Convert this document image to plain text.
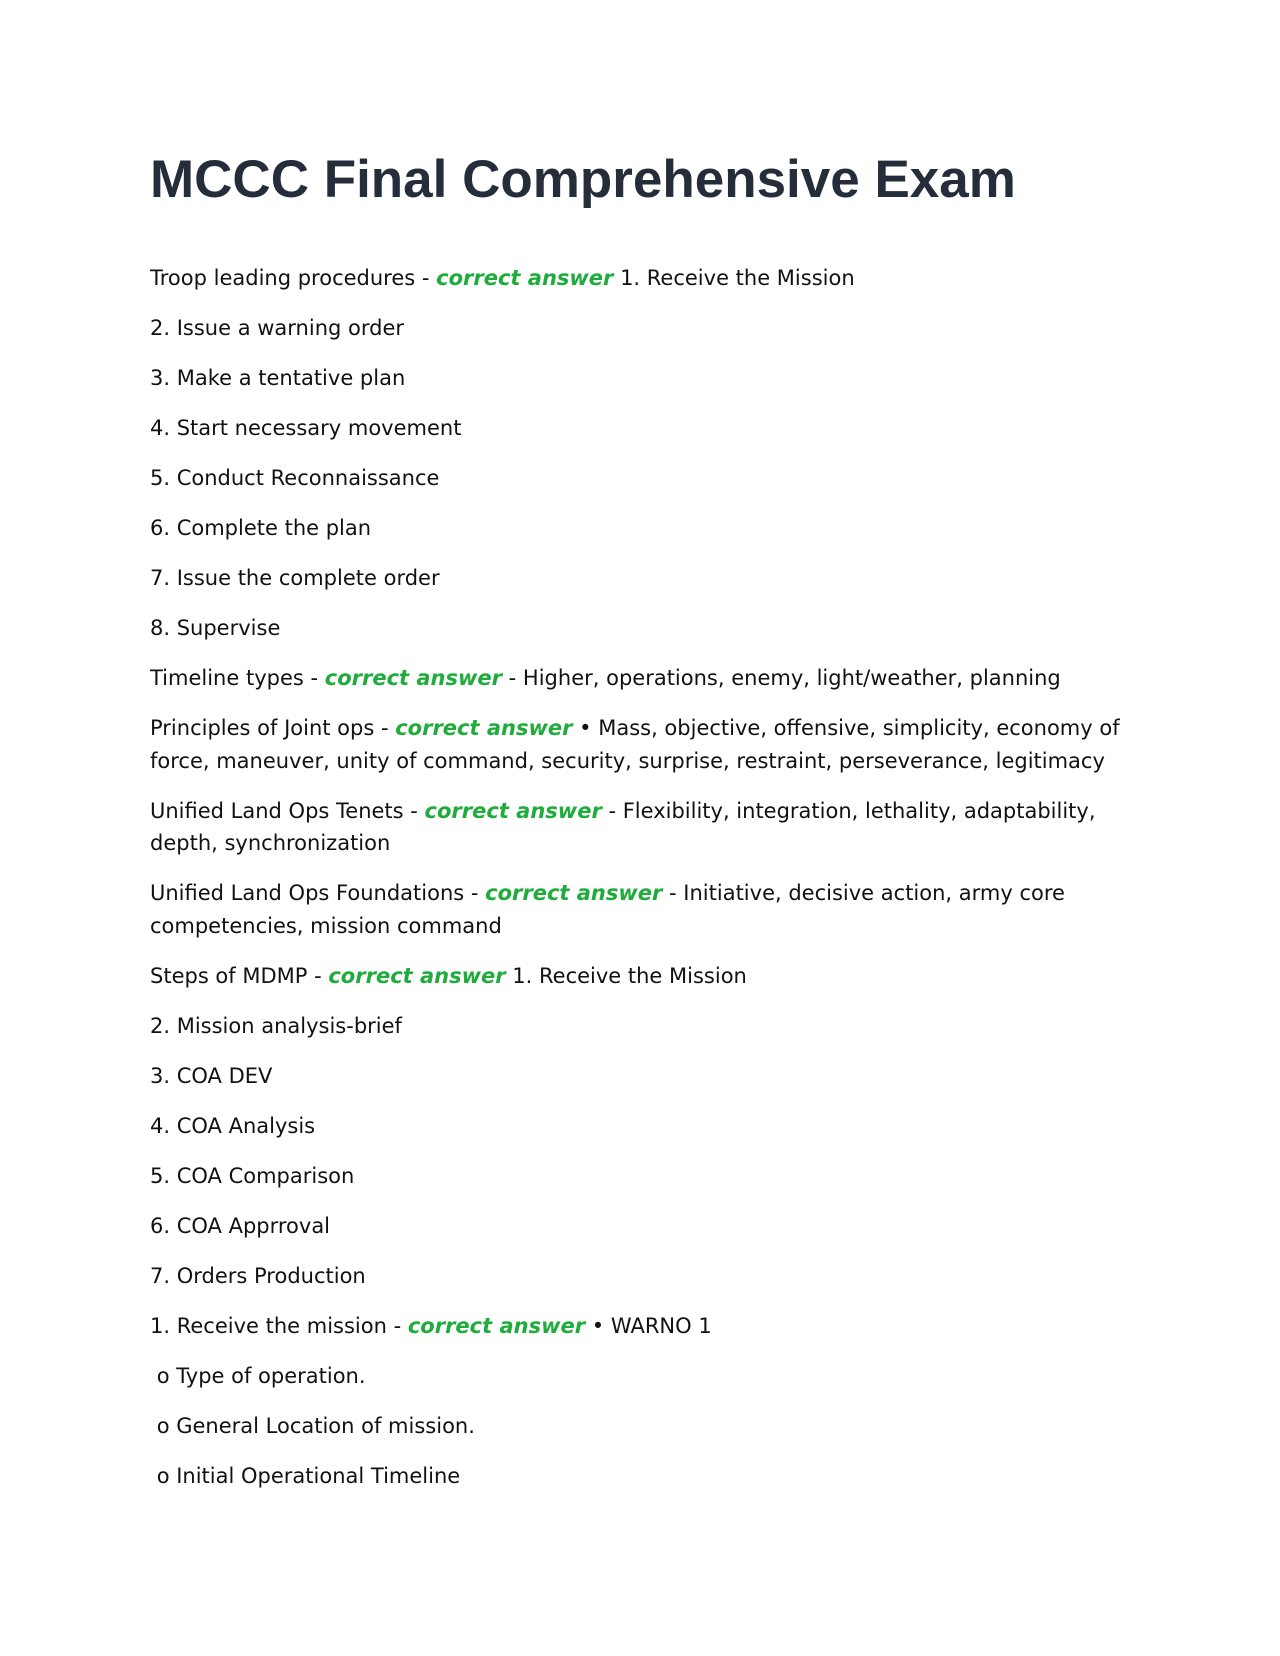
MCCC Final Comprehensive Exam

Troop leading procedures - correct answer 1. Receive the Mission

2. Issue a warning order

3. Make a tentative plan

4. Start necessary movement

5. Conduct Reconnaissance

6. Complete the plan

7. Issue the complete order

8. Supervise

Timeline types - correct answer - Higher, operations, enemy, light/weather, planning

Principles of Joint ops - correct answer • Mass, objective, offensive, simplicity, economy of force, maneuver, unity of command, security, surprise, restraint, perseverance, legitimacy

Unified Land Ops Tenets - correct answer - Flexibility, integration, lethality, adaptability, depth, synchronization

Unified Land Ops Foundations - correct answer - Initiative, decisive action, army core competencies, mission command

Steps of MDMP - correct answer 1. Receive the Mission

2. Mission analysis-brief

3. COA DEV

4. COA Analysis

5. COA Comparison

6. COA Apprroval

7. Orders Production

1. Receive the mission - correct answer • WARNO 1

o Type of operation.

o General Location of mission.

o Initial Operational Timeline
